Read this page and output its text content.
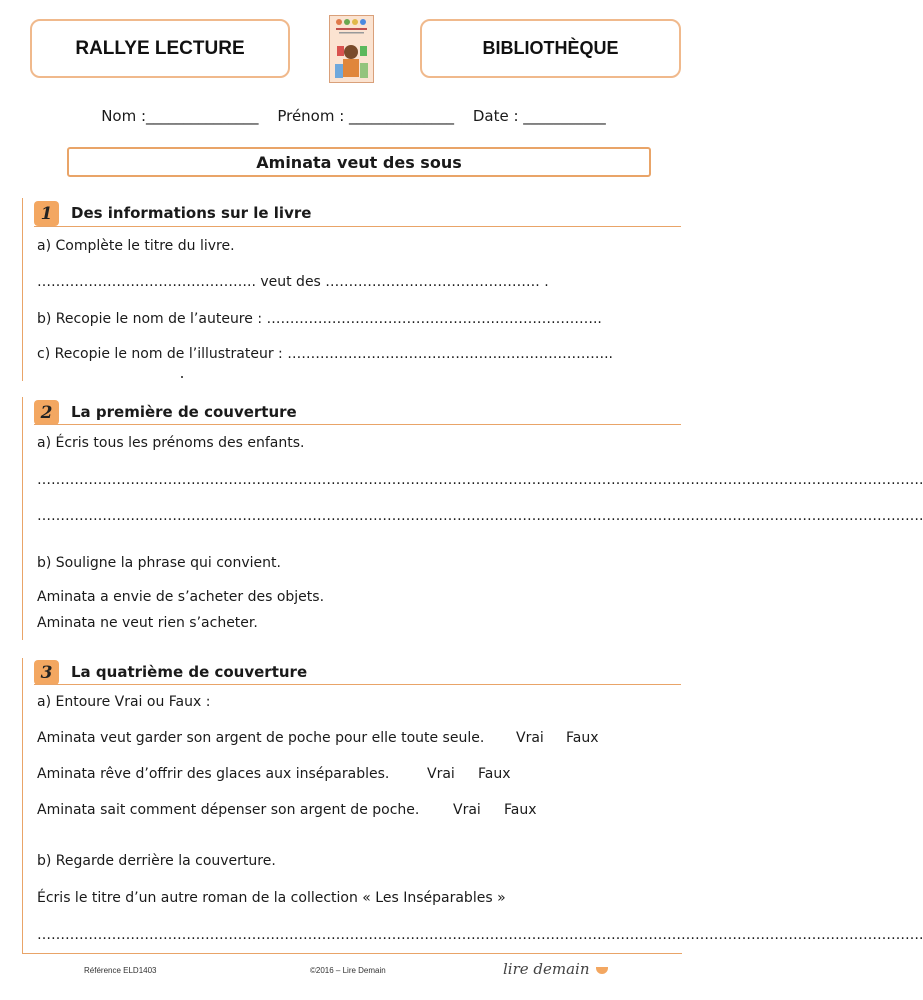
RALLYE LECTURE	BIBLIOTHÈQUE
Nom :_______________ Prénom : ______________ Date : ___________
Aminata veut des sous
1	Des informations sur le livre
a) Complète le titre du livre.
……………………………………….. veut des ………………………………………. .
b) Recopie le nom de l’auteure : ………………………………………….…………………..
c) Recopie le nom de l’illustrateur : ………………………………………..…………………..
2	La première de couverture
a) Écris tous les prénoms des enfants.
……………………………………………………………………………………………………………………………………………………………………….
……………………………………………………………………………………………………………………………………………………………………….
b) Souligne la phrase qui convient.
Aminata a envie de s’acheter des objets.
Aminata ne veut rien s’acheter.
3	La quatrième de couverture
a) Entoure Vrai ou Faux :
Aminata veut garder son argent de poche pour elle toute seule. Vrai Faux
Aminata rêve d’offrir des glaces aux inséparables.	Vrai Faux
Aminata sait comment dépenser son argent de poche. Vrai Faux
b) Regarde derrière la couverture.
Écris le titre d’un autre roman de la collection « Les Inséparables »
……………………………………………………………………………………………………………………………………………………………………….
Référence ELD1403	©2016 – Lire Demain	lire demain
